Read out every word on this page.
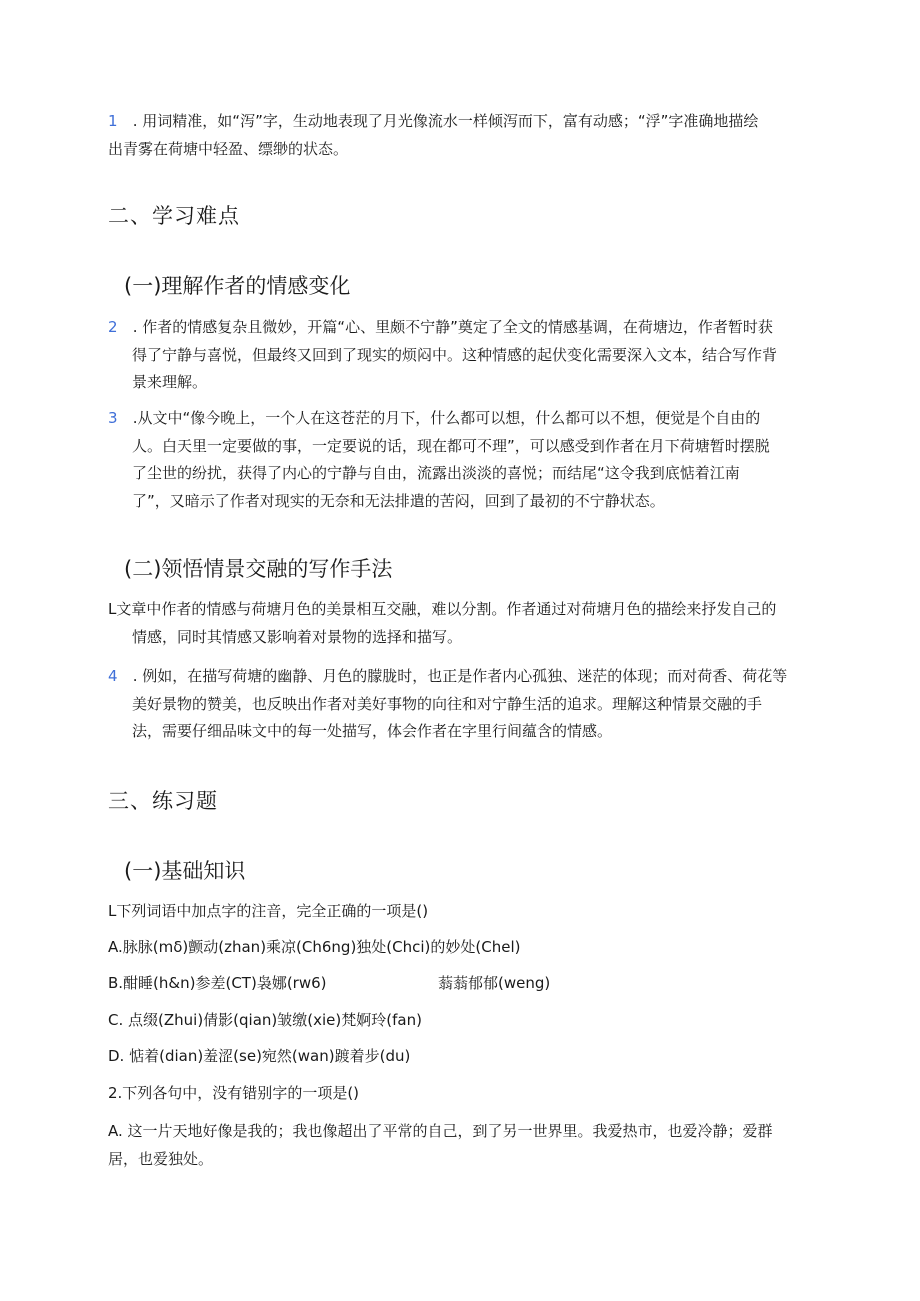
1 . 用词精准，如“泻”字，生动地表现了月光像流水一样倾泻而下，富有动感；“浮”字准确地描绘
出青雾在荷塘中轻盈、缥缈的状态。
二、学习难点
(一)理解作者的情感变化
2 . 作者的情感复杂且微妙，开篇“心、里颇不宁静”奠定了全文的情感基调，在荷塘边，作者暂时获
得了宁静与喜悦，但最终又回到了现实的烦闷中。这种情感的起伏变化需要深入文本，结合写作背
景来理解。
3 .从文中“像今晚上，一个人在这苍茫的月下，什么都可以想，什么都可以不想，便觉是个自由的
人。白天里一定要做的事，一定要说的话，现在都可不理”，可以感受到作者在月下荷塘暂时摆脱
了尘世的纷扰，获得了内心的宁静与自由，流露出淡淡的喜悦；而结尾“这令我到底惦着江南
了”，又暗示了作者对现实的无奈和无法排遣的苦闷，回到了最初的不宁静状态。
(二)领悟情景交融的写作手法
L文章中作者的情感与荷塘月色的美景相互交融，难以分割。作者通过对荷塘月色的描绘来抒发自己的
情感，同时其情感又影响着对景物的选择和描写。
4 . 例如，在描写荷塘的幽静、月色的朦胧时，也正是作者内心孤独、迷茫的体现；而对荷香、荷花等
美好景物的赞美，也反映出作者对美好事物的向往和对宁静生活的追求。理解这种情景交融的手
法，需要仔细品味文中的每一处描写，体会作者在字里行间蕴含的情感。
三、练习题
(一)基础知识
L下列词语中加点字的注音，完全正确的一项是()
A.脉脉(mδ)颤动(zhan)乘凉(Ch6ng)独处(Chci)的妙处(Chel)
B.酣睡(h&n)参差(CT)袅娜(rw6)	蓊蓊郁郁(weng)
C. 点缀(Zhui)倩影(qian)皱缴(xie)梵婀玲(fan)
D. 惦着(dian)羞涩(se)宛然(wan)踱着步(du)
2.下列各句中，没有错别字的一项是()
A. 这一片天地好像是我的；我也像超出了平常的自己，到了另一世界里。我爱热市，也爱冷静；爱群
居，也爱独处。
